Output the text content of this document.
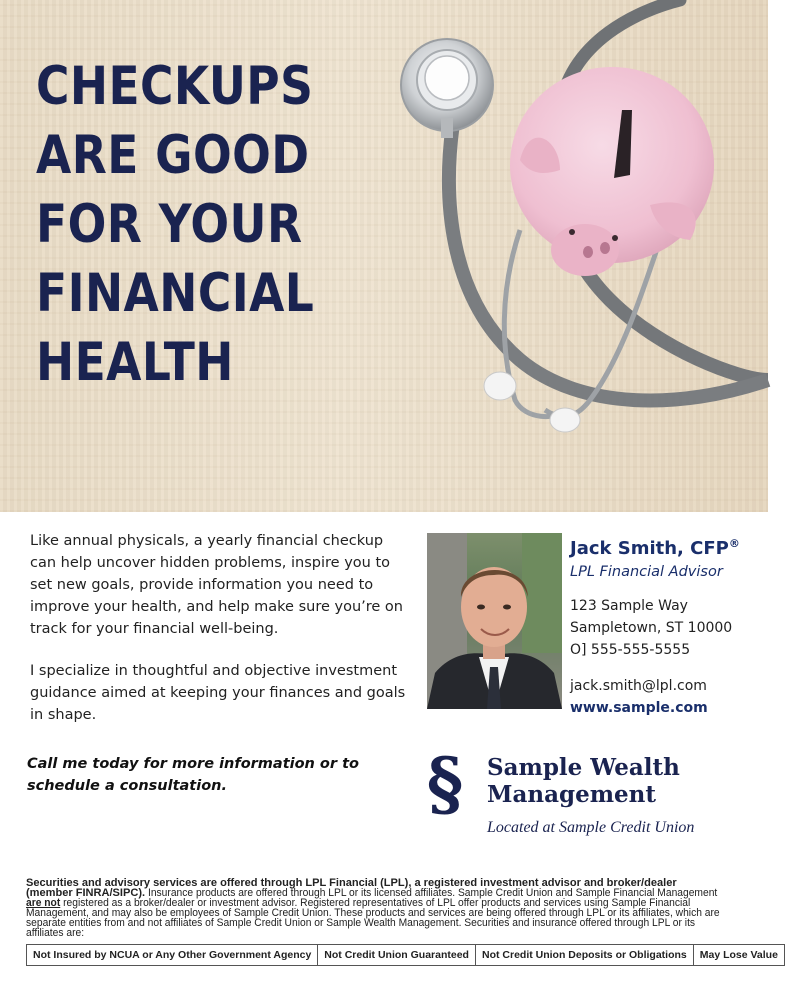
CHECKUPS
ARE GOOD
FOR YOUR
FINANCIAL
HEALTH

Like annual physicals, a yearly financial checkup can help uncover hidden problems, inspire you to set new goals, provide information you need to improve your health, and help make sure you’re on track for your financial well-being.

I specialize in thoughtful and objective investment guidance aimed at keeping your finances and goals in shape.

Call me today for more information or to schedule a consultation.
Jack Smith, CFP®
LPL Financial Advisor
123 Sample Way
Sampletown, ST 10000
O] 555-555-5555
jack.smith@lpl.com
www.sample.com
§ Sample Wealth
Management
Located at Sample Credit Union
Securities and advisory services are offered through LPL Financial (LPL), a registered investment advisor and broker/dealer (member FINRA/SIPC). Insurance products are offered through LPL or its licensed affiliates. Sample Credit Union and Sample Financial Management are not registered as a broker/dealer or investment advisor. Registered representatives of LPL offer products and services using Sample Financial Management, and may also be employees of Sample Credit Union. These products and services are being offered through LPL or its affiliates, which are separate entities from and not affiliates of Sample Credit Union or Sample Wealth Management. Securities and insurance offered through LPL or its affiliates are:
Not Insured by NCUA or Any Other Government Agency	Not Credit Union Guaranteed	Not Credit Union Deposits or Obligations	May Lose Value
